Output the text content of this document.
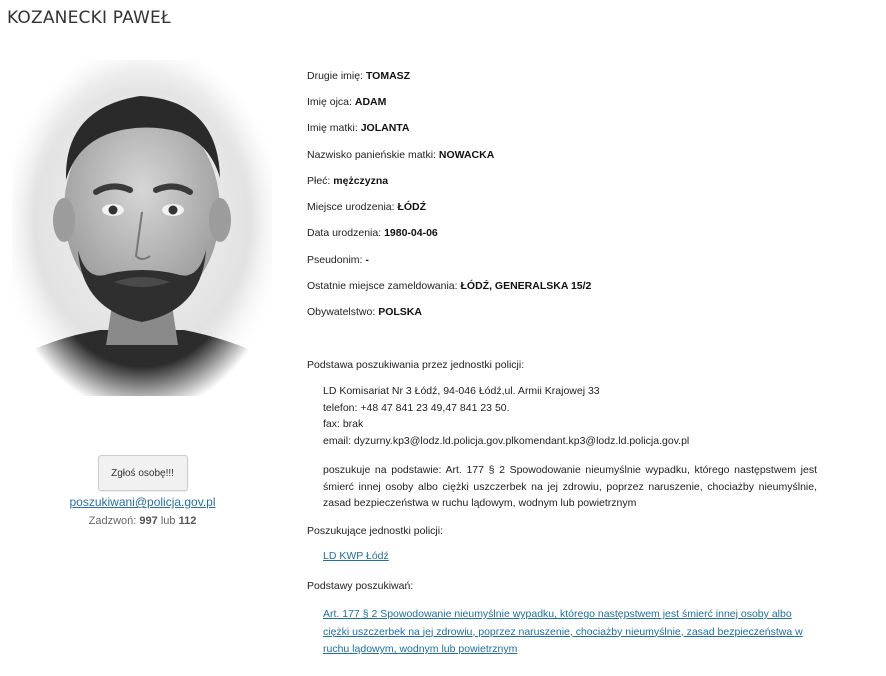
KOZANECKI PAWEŁ
Zgłoś osobę!!!
poszukiwani@policja.gov.pl
Zadzwoń: 997 lub 112
Drugie imię: TOMASZ
Imię ojca: ADAM
Imię matki: JOLANTA
Nazwisko panieńskie matki: NOWACKA
Płeć: mężczyzna
Miejsce urodzenia: ŁÓDŹ
Data urodzenia: 1980-04-06
Pseudonim: -
Ostatnie miejsce zameldowania: ŁÓDŹ, GENERALSKA 15/2
Obywatelstwo: POLSKA
Podstawa poszukiwania przez jednostki policji:
LD Komisariat Nr 3 Łódź, 94-046 Łódź,ul. Armii Krajowej 33
telefon: +48 47 841 23 49,47 841 23 50.
fax: brak
email: dyzurny.kp3@lodz.ld.policja.gov.plkomendant.kp3@lodz.ld.policja.gov.pl
poszukuje na podstawie: Art. 177 § 2 Spowodowanie nieumyślnie wypadku, którego następstwem jest śmierć innej osoby albo ciężki uszczerbek na jej zdrowiu, poprzez naruszenie, chociażby nieumyślnie, zasad bezpieczeństwa w ruchu lądowym, wodnym lub powietrznym
Poszukujące jednostki policji:
LD KWP Łódź
Podstawy poszukiwań:
Art. 177 § 2 Spowodowanie nieumyślnie wypadku, którego następstwem jest śmierć innej osoby albo ciężki uszczerbek na jej zdrowiu, poprzez naruszenie, chociażby nieumyślnie, zasad bezpieczeństwa w ruchu lądowym, wodnym lub powietrznym
